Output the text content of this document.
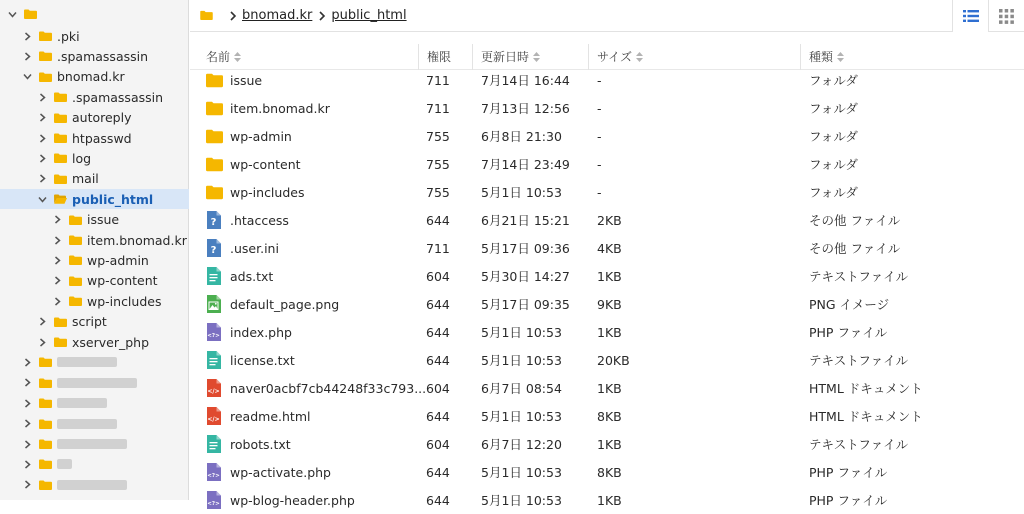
.pki
.spamassassin
bnomad.kr
.spamassassin
autoreply
htpasswd
log
mail
public_html
issue
item.bnomad.kr
wp-admin
wp-content
wp-includes
script
xserver_php
bnomad.kr public_html
名前	権限 更新日時	サイズ	種類
issue	711 7月14日 16:44 -	フォルダ
item.bnomad.kr	711 7月13日 12:56 -	フォルダ
wp-admin	755 6月8日 21:30	-	フォルダ
wp-content	755 7月14日 23:49 -	フォルダ
wp-includes	755 5月1日 10:53	-	フォルダ
? .htaccess	644 6月21日 15:21 2KB	その他 ファイル
? .user.ini	711 5月17日 09:36 4KB	その他 ファイル
ads.txt	604 5月30日 14:27 1KB	テキストファイル
default_page.png	644 5月17日 09:35 9KB	PNG イメージ
<?> index.php	644 5月1日 10:53	1KB	PHP ファイル
license.txt	644 5月1日 10:53	20KB	テキストファイル
</> naver0acbf7cb44248f33c793... 604 6月7日 08:54	1KB	HTML ドキュメント
</> readme.html	644 5月1日 10:53	8KB	HTML ドキュメント
robots.txt	604 6月7日 12:20	1KB	テキストファイル
<?> wp-activate.php	644 5月1日 10:53	8KB	PHP ファイル
<?> wp-blog-header.php	644 5月1日 10:53	1KB	PHP ファイル
